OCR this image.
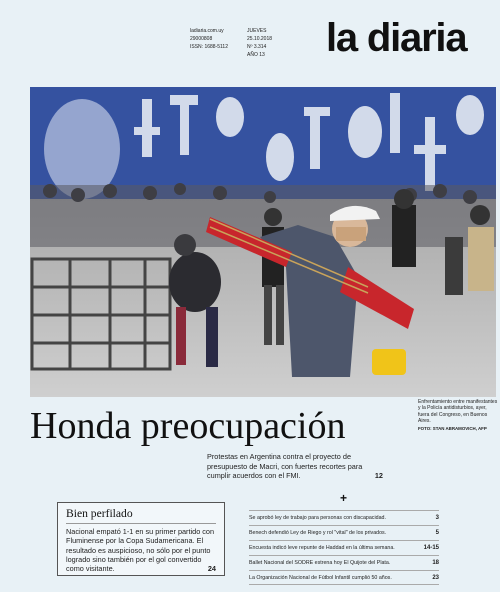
ladiaria.com.uy
29000808
ISSN: 1688-5112
JUEVES
25.10.2018
Nº 3.314
AÑO 13 la diaria
Enfrentamiento entre manifestantes y la Policía antidisturbios, ayer, fuera del Congreso, en Buenos Aires.
FOTO: STAN ABRAMOVICH, AFP
Honda preocupación
Protestas en Argentina contra el proyecto de presupuesto de Macri, con fuertes recortes para cumplir acuerdos con el FMI.	12
Bien perfilado
Nacional empató 1-1 en su primer partido con Fluminense por la Copa Sudamericana. El resultado es auspicioso, no sólo por el punto logrado sino también por el gol convertido como visitante.	24
+
Se aprobó ley de trabajo para personas con discapacidad.	3
Benech defendió Ley de Riego y rol "vital" de los privados.	5
Encuesta indicó leve repunte de Haddad en la última semana.	14-15
Ballet Nacional del SODRE estrena hoy El Quijote del Plata.	18
La Organización Nacional de Fútbol Infantil cumplió 50 años.	23
